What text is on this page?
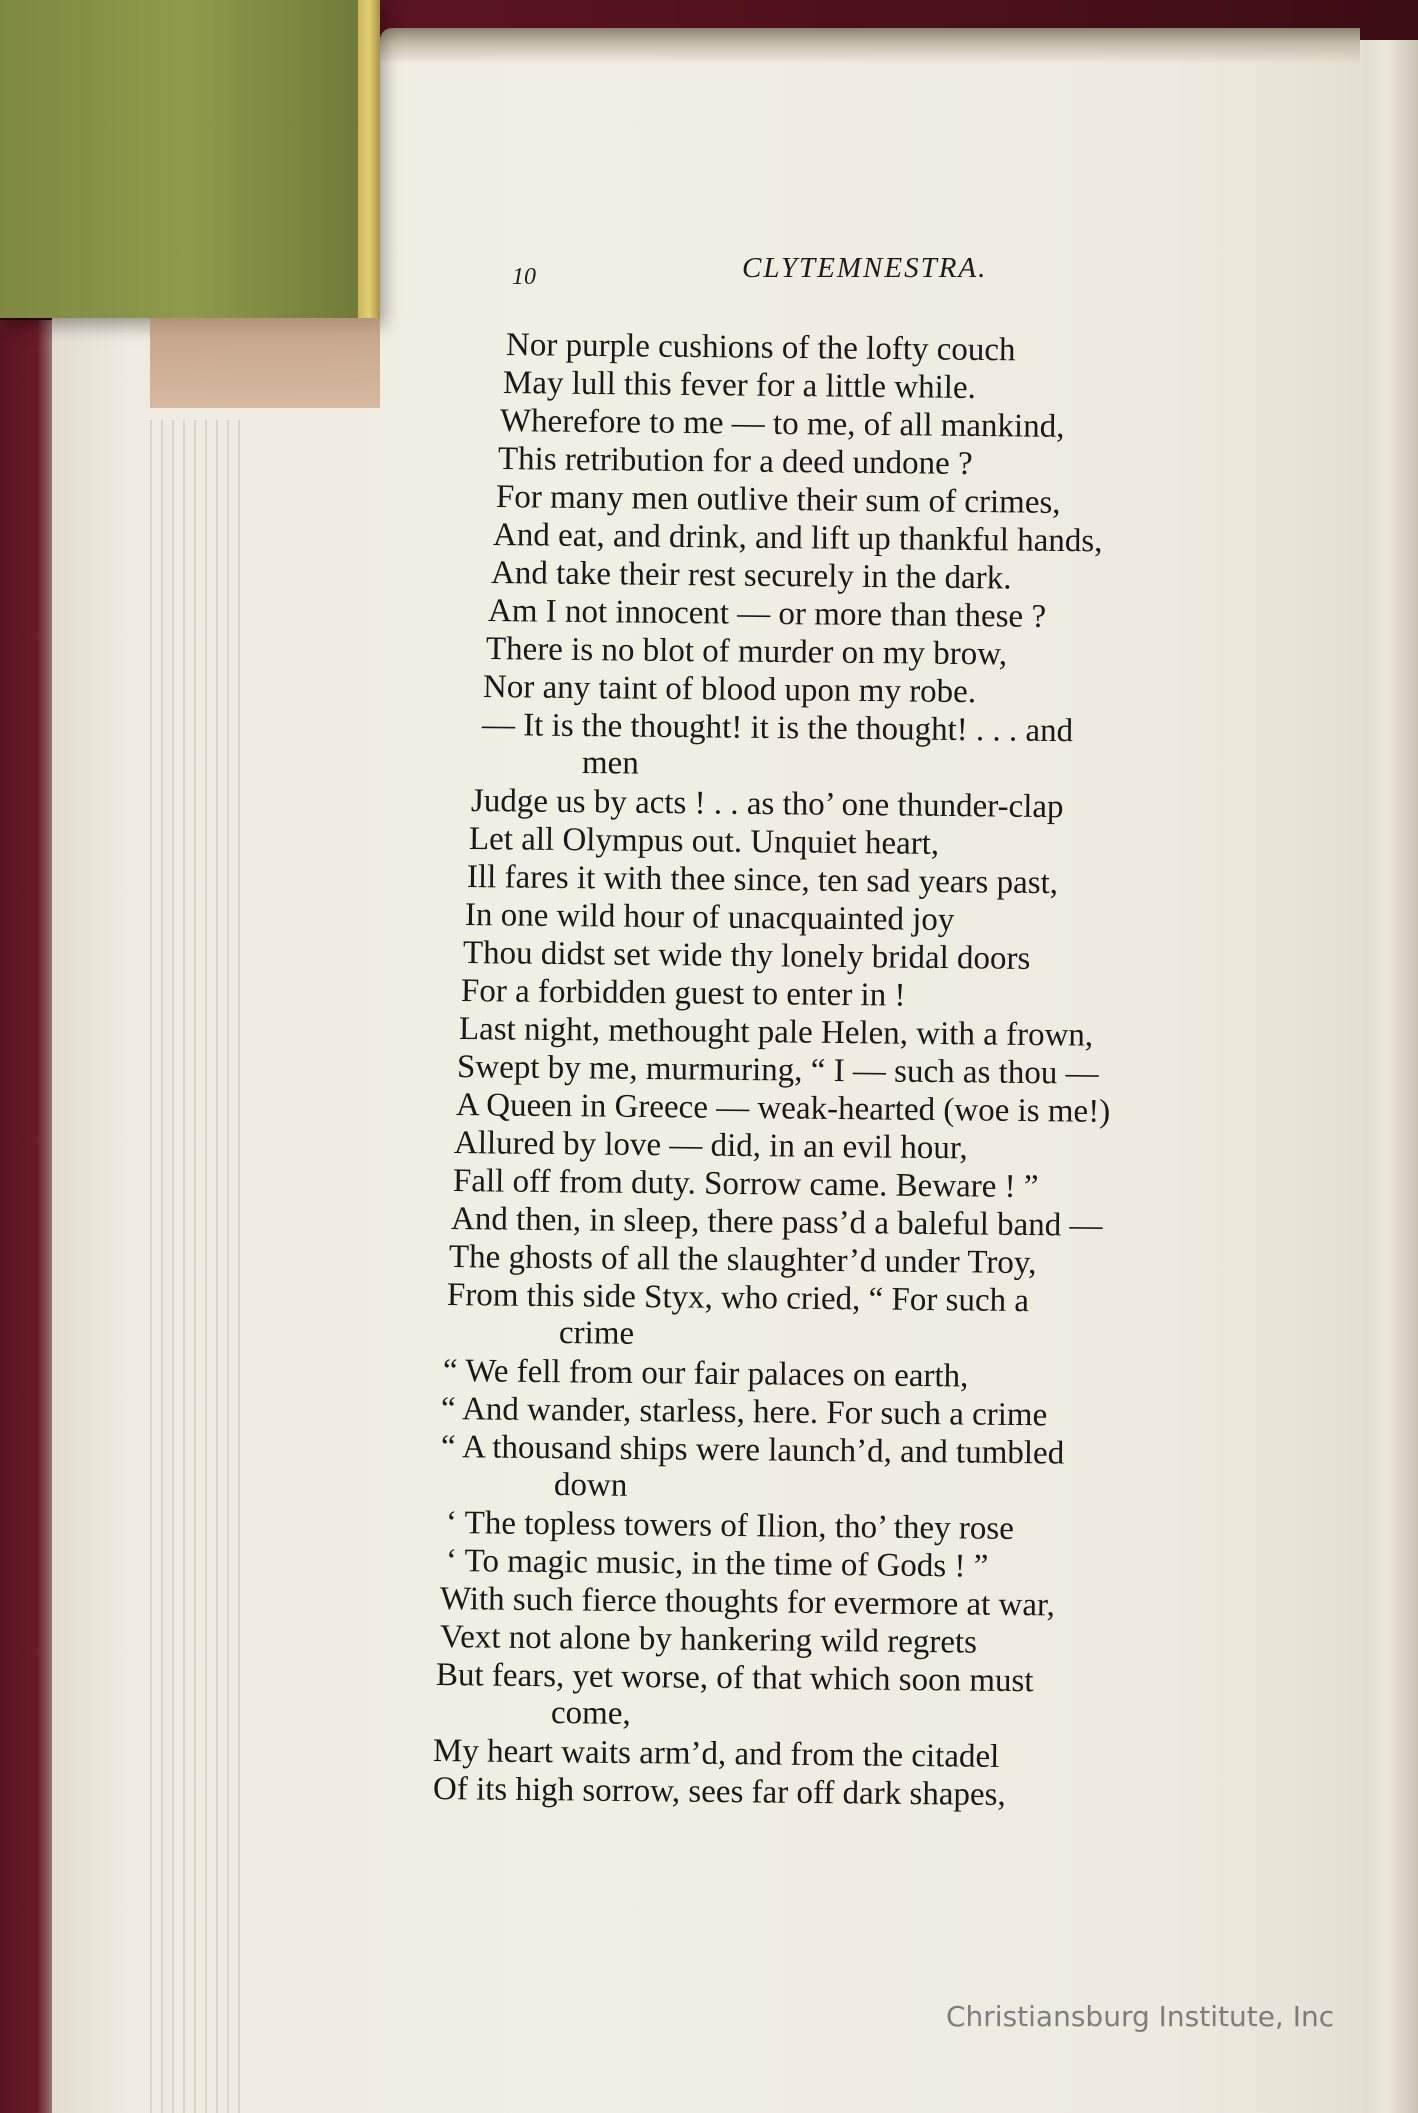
10	CLYTEMNESTRA.
Nor purple cushions of the lofty couch
May lull this fever for a little while.
Wherefore to me — to me, of all mankind,
This retribution for a deed undone ?
For many men outlive their sum of crimes,
And eat, and drink, and lift up thankful hands,
And take their rest securely in the dark.
Am I not innocent — or more than these ?
There is no blot of murder on my brow,
Nor any taint of blood upon my robe.
— It is the thought! it is the thought! . . . and
men
Judge us by acts ! . . as tho’ one thunder-clap
Let all Olympus out. Unquiet heart,
Ill fares it with thee since, ten sad years past,
In one wild hour of unacquainted joy
Thou didst set wide thy lonely bridal doors
For a forbidden guest to enter in !
Last night, methought pale Helen, with a frown,
Swept by me, murmuring, “ I — such as thou —
A Queen in Greece — weak-hearted (woe is me!)
Allured by love — did, in an evil hour,
Fall off from duty. Sorrow came. Beware ! ”
And then, in sleep, there pass’d a baleful band —
The ghosts of all the slaughter’d under Troy,
From this side Styx, who cried, “ For such a
crime
“ We fell from our fair palaces on earth,
“ And wander, starless, here. For such a crime
“ A thousand ships were launch’d, and tumbled
down
‘ The topless towers of Ilion, tho’ they rose
‘ To magic music, in the time of Gods ! ”
With such fierce thoughts for evermore at war,
Vext not alone by hankering wild regrets
But fears, yet worse, of that which soon must
come,
My heart waits arm’d, and from the citadel
Of its high sorrow, sees far off dark shapes,
Christiansburg Institute, Inc
